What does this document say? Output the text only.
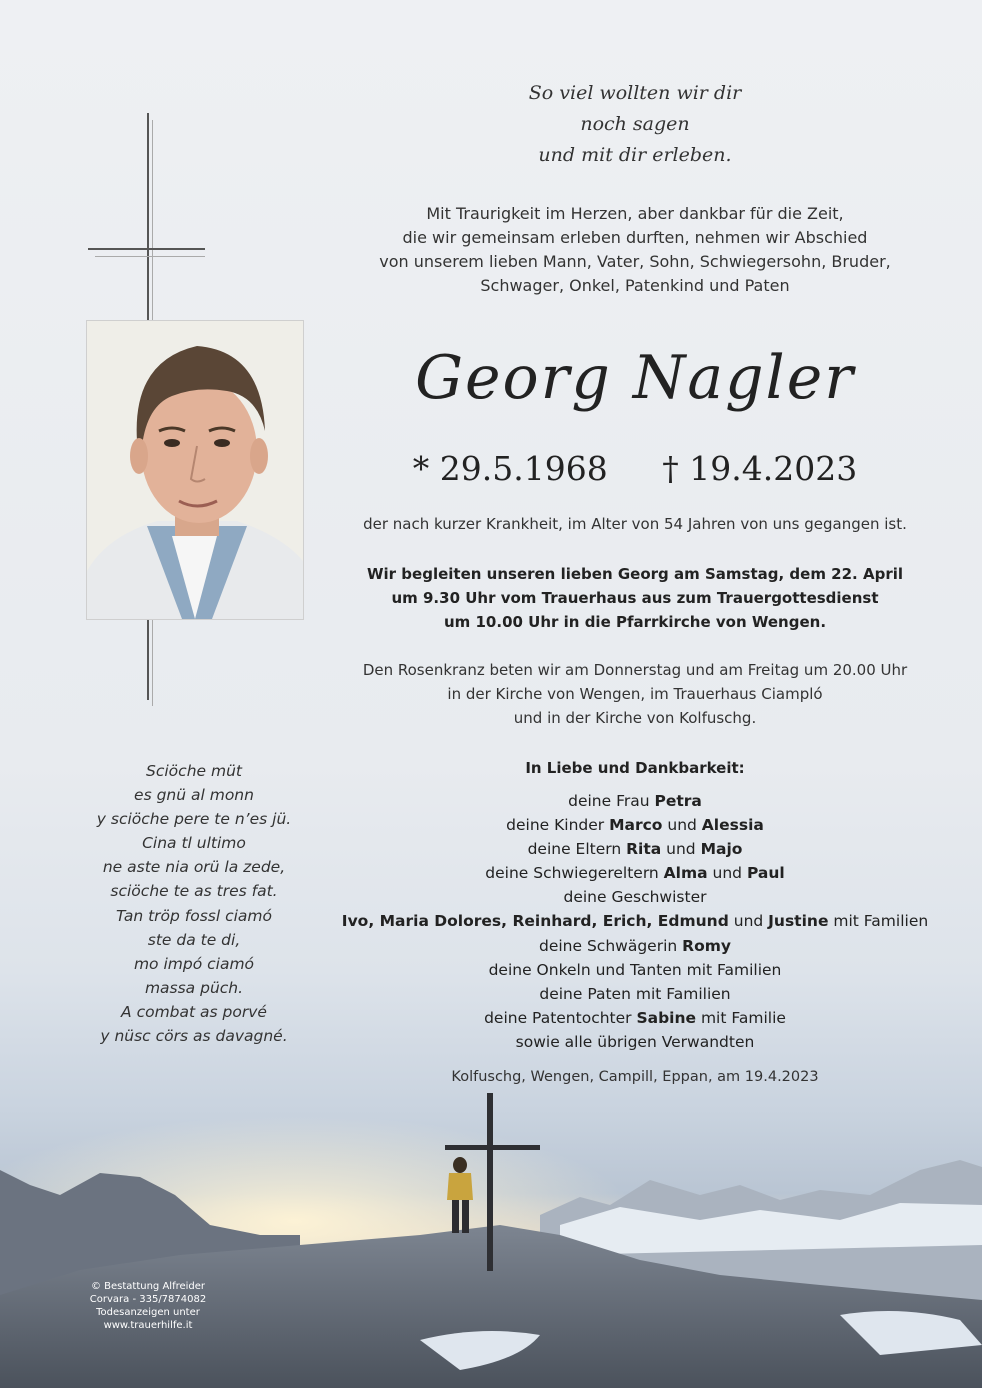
So viel wollten wir dir
noch sagen
und mit dir erleben.
Mit Traurigkeit im Herzen, aber dankbar für die Zeit,
die wir gemeinsam erleben durften, nehmen wir Abschied
von unserem lieben Mann, Vater, Sohn, Schwiegersohn, Bruder,
Schwager, Onkel, Patenkind und Paten
Georg Nagler
* 29.5.1968 † 19.4.2023
der nach kurzer Krankheit, im Alter von 54 Jahren von uns gegangen ist.
Wir begleiten unseren lieben Georg am Samstag, dem 22. April
um 9.30 Uhr vom Trauerhaus aus zum Trauergottesdienst
um 10.00 Uhr in die Pfarrkirche von Wengen.
Den Rosenkranz beten wir am Donnerstag und am Freitag um 20.00 Uhr
in der Kirche von Wengen, im Trauerhaus Ciampló
und in der Kirche von Kolfuschg.
In Liebe und Dankbarkeit:
deine Frau Petra
deine Kinder Marco und Alessia
deine Eltern Rita und Majo
deine Schwiegereltern Alma und Paul
deine Geschwister
Ivo, Maria Dolores, Reinhard, Erich, Edmund und Justine mit Familien
deine Schwägerin Romy
deine Onkeln und Tanten mit Familien
deine Paten mit Familien
deine Patentochter Sabine mit Familie
sowie alle übrigen Verwandten
Kolfuschg, Wengen, Campill, Eppan, am 19.4.2023
Sciöche müt
es gnü al monn
y sciöche pere te n’es jü.
Cina tl ultimo
ne aste nia orü la zede,
sciöche te as tres fat.
Tan tröp fossl ciamó
ste da te di,
mo impó ciamó
massa püch.
A combat as porvé
y nüsc cörs as davagné.
© Bestattung Alfreider
Corvara - 335/7874082
Todesanzeigen unter
www.trauerhilfe.it
